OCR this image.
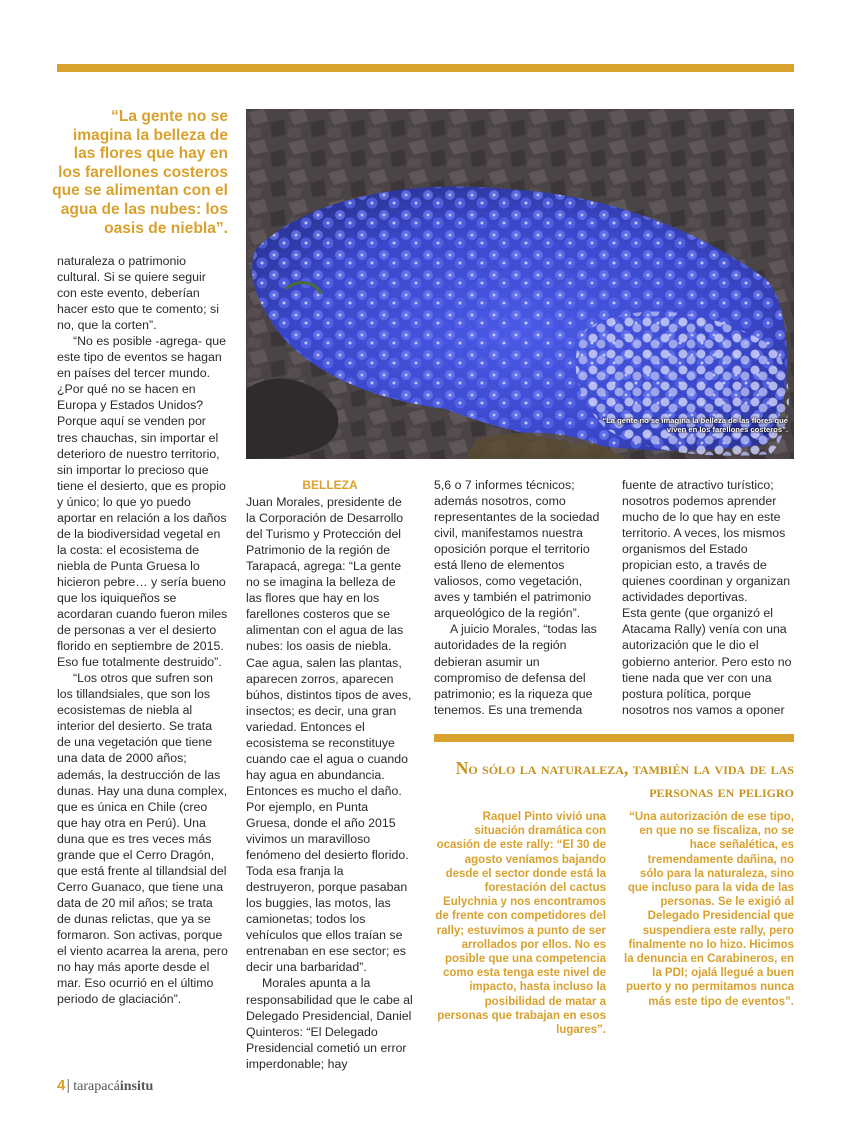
“La gente no se imagina la belleza de las flores que hay en los farellones costeros que se alimentan con el agua de las nubes: los oasis de niebla”.

naturaleza o patrimonio cultural. Si se quiere seguir con este evento, deberían hacer esto que te comento; si no, que la corten”.

“No es posible -agrega- que este tipo de eventos se hagan en países del tercer mundo. ¿Por qué no se hacen en Europa y Estados Unidos? Porque aquí se venden por tres chauchas, sin importar el deterioro de nuestro territorio, sin importar lo precioso que tiene el desierto, que es propio y único; lo que yo puedo aportar en relación a los daños de la biodiversidad vegetal en la costa: el ecosistema de niebla de Punta Gruesa lo hicieron pebre… y sería bueno que los iquiqueños se acordaran cuando fueron miles de personas a ver el desierto florido en septiembre de 2015. Eso fue totalmente destruido”.

“Los otros que sufren son los tillandsiales, que son los ecosistemas de niebla al interior del desierto. Se trata de una vegetación que tiene una data de 2000 años; además, la destrucción de las dunas. Hay una duna complex, que es única en Chile (creo que hay otra en Perú). Una duna que es tres veces más grande que el Cerro Dragón, que está frente al tillandsial del Cerro Guanaco, que tiene una data de 20 mil años; se trata de dunas relictas, que ya se formaron. Son activas, porque el viento acarrea la arena, pero no hay más aporte desde el mar. Eso ocurrió en el último periodo de glaciación”.

“La gente no se imagina la belleza de las flores que viven en los farellones costeros”.
BELLEZA

Juan Morales, presidente de la Corporación de Desarrollo del Turismo y Protección del Patrimonio de la región de Tarapacá, agrega: “La gente no se imagina la belleza de las flores que hay en los farellones costeros que se alimentan con el agua de las nubes: los oasis de niebla. Cae agua, salen las plantas, aparecen zorros, aparecen búhos, distintos tipos de aves, insectos; es decir, una gran variedad. Entonces el ecosistema se reconstituye cuando cae el agua o cuando hay agua en abundancia. Entonces es mucho el daño. Por ejemplo, en Punta Gruesa, donde el año 2015 vivimos un maravilloso fenómeno del desierto florido. Toda esa franja la destruyeron, porque pasaban los buggies, las motos, las camionetas; todos los vehículos que ellos traían se entrenaban en ese sector; es decir una barbaridad”.

Morales apunta a la responsabilidad que le cabe al Delegado Presidencial, Daniel Quinteros: “El Delegado Presidencial cometió un error imperdonable; hay

5,6 o 7 informes técnicos; además nosotros, como representantes de la sociedad civil, manifestamos nuestra oposición porque el territorio está lleno de elementos valiosos, como vegetación, aves y también el patrimonio arqueológico de la región”.

A juicio Morales, “todas las autoridades de la región debieran asumir un compromiso de defensa del patrimonio; es la riqueza que tenemos. Es una tremenda

fuente de atractivo turístico; nosotros podemos aprender mucho de lo que hay en este territorio. A veces, los mismos organismos del Estado propician esto, a través de quienes coordinan y organizan actividades deportivas.

Esta gente (que organizó el Atacama Rally) venía con una autorización que le dio el gobierno anterior. Pero esto no tiene nada que ver con una postura política, porque nosotros nos vamos a oponer

No sólo la naturaleza, también la vida de las personas en peligro

Raquel Pinto vivió una situación dramática con ocasión de este rally: “El 30 de agosto veníamos bajando desde el sector donde está la forestación del cactus Eulychnia y nos encontramos de frente con competidores del rally; estuvimos a punto de ser arrollados por ellos. No es posible que una competencia como esta tenga este nivel de impacto, hasta incluso la posibilidad de matar a personas que trabajan en esos lugares”.

“Una autorización de ese tipo, en que no se fiscaliza, no se hace señalética, es tremendamente dañina, no sólo para la naturaleza, sino que incluso para la vida de las personas. Se le exigió al Delegado Presidencial que suspendiera este rally, pero finalmente no lo hizo. Hicimos la denuncia en Carabineros, en la PDI; ojalá llegué a buen puerto y no permitamos nunca más este tipo de eventos”.

4| tarapacáinsitu
